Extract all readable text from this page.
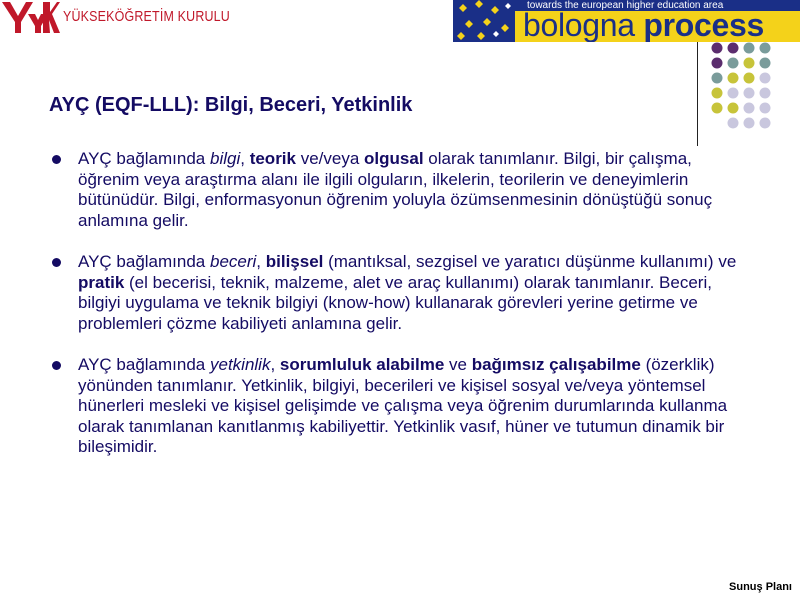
YÜKSEKÖĞRETİM KURULU
towards the european higher education area
bologna process
AYÇ (EQF-LLL): Bilgi, Beceri, Yetkinlik
AYÇ bağlamında bilgi, teorik ve/veya olgusal olarak tanımlanır. Bilgi, bir çalışma, öğrenim veya araştırma alanı ile ilgili olguların, ilkelerin, teorilerin ve deneyimlerin bütünüdür. Bilgi, enformasyonun öğrenim yoluyla özümsenmesinin dönüştüğü sonuç anlamına gelir.
AYÇ bağlamında beceri, bilişsel (mantıksal, sezgisel ve yaratıcı düşünme kullanımı) ve pratik (el becerisi, teknik, malzeme, alet ve araç kullanımı) olarak tanımlanır. Beceri, bilgiyi uygulama ve teknik bilgiyi (know-how) kullanarak görevleri yerine getirme ve problemleri çözme kabiliyeti anlamına gelir.
AYÇ bağlamında yetkinlik, sorumluluk alabilme ve bağımsız çalışabilme (özerklik) yönünden tanımlanır. Yetkinlik, bilgiyi, becerileri ve kişisel sosyal ve/veya yöntemsel hünerleri mesleki ve kişisel gelişimde ve çalışma veya öğrenim durumlarında kullanma olarak tanımlanan kanıtlanmış kabiliyettir. Yetkinlik vasıf, hüner ve tutumun dinamik bir bileşimidir.
Sunuş Planı
